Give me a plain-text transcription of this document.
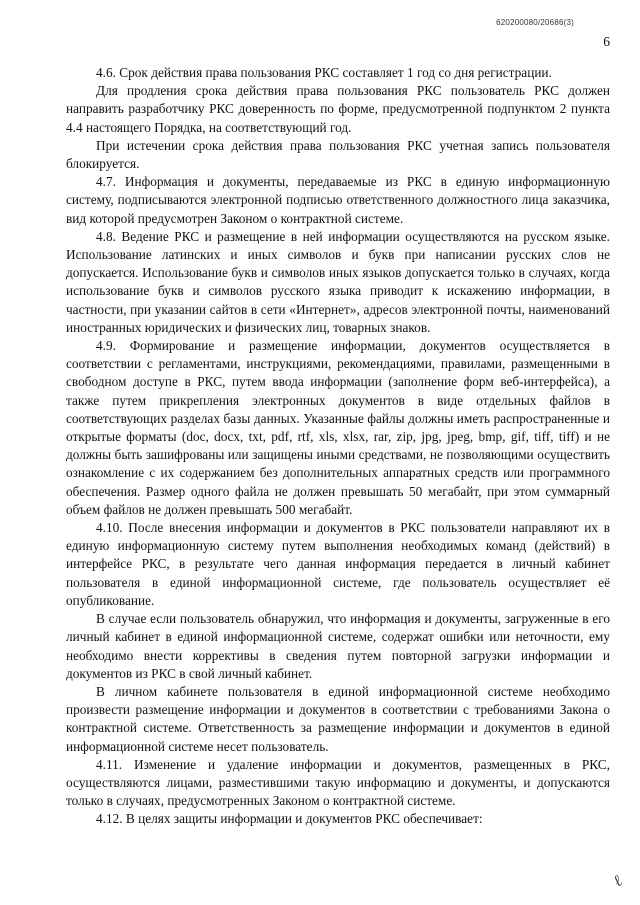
620200080/20686(3)
6

4.6. Срок действия права пользования РКС составляет 1 год со дня регистрации.

Для продления срока действия права пользования РКС пользователь РКС должен направить разработчику РКС доверенность по форме, предусмотренной подпунктом 2 пункта 4.4 настоящего Порядка, на соответствующий год.

При истечении срока действия права пользования РКС учетная запись пользователя блокируется.

4.7. Информация и документы, передаваемые из РКС в единую информационную систему, подписываются электронной подписью ответственного должностного лица заказчика, вид которой предусмотрен Законом о контрактной системе.

4.8. Ведение РКС и размещение в ней информации осуществляются на русском языке. Использование латинских и иных символов и букв при написании русских слов не допускается. Использование букв и символов иных языков допускается только в случаях, когда использование букв и символов русского языка приводит к искажению информации, в частности, при указании сайтов в сети «Интернет», адресов электронной почты, наименований иностранных юридических и физических лиц, товарных знаков.

4.9. Формирование и размещение информации, документов осуществляется в соответствии с регламентами, инструкциями, рекомендациями, правилами, размещенными в свободном доступе в РКС, путем ввода информации (заполнение форм веб-интерфейса), а также путем прикрепления электронных документов в виде отдельных файлов в соответствующих разделах базы данных. Указанные файлы должны иметь распространенные и открытые форматы (doc, docx, txt, pdf, rtf, xls, xlsx, rar, zip, jpg, jpeg, bmp, gif, tiff, tiff) и не должны быть зашифрованы или защищены иными средствами, не позволяющими осуществить ознакомление с их содержанием без дополнительных аппаратных средств или программного обеспечения. Размер одного файла не должен превышать 50 мегабайт, при этом суммарный объем файлов не должен превышать 500 мегабайт.

4.10. После внесения информации и документов в РКС пользователи направляют их в единую информационную систему путем выполнения необходимых команд (действий) в интерфейсе РКС, в результате чего данная информация передается в личный кабинет пользователя в единой информационной системе, где пользователь осуществляет её опубликование.

В случае если пользователь обнаружил, что информация и документы, загруженные в его личный кабинет в единой информационной системе, содержат ошибки или неточности, ему необходимо внести коррективы в сведения путем повторной загрузки информации и документов из РКС в свой личный кабинет.

В личном кабинете пользователя в единой информационной системе необходимо произвести размещение информации и документов в соответствии с требованиями Закона о контрактной системе. Ответственность за размещение информации и документов в единой информационной системе несет пользователь.

4.11. Изменение и удаление информации и документов, размещенных в РКС, осуществляются лицами, разместившими такую информацию и документы, и допускаются только в случаях, предусмотренных Законом о контрактной системе.

4.12. В целях защиты информации и документов РКС обеспечивает:

ℓ
